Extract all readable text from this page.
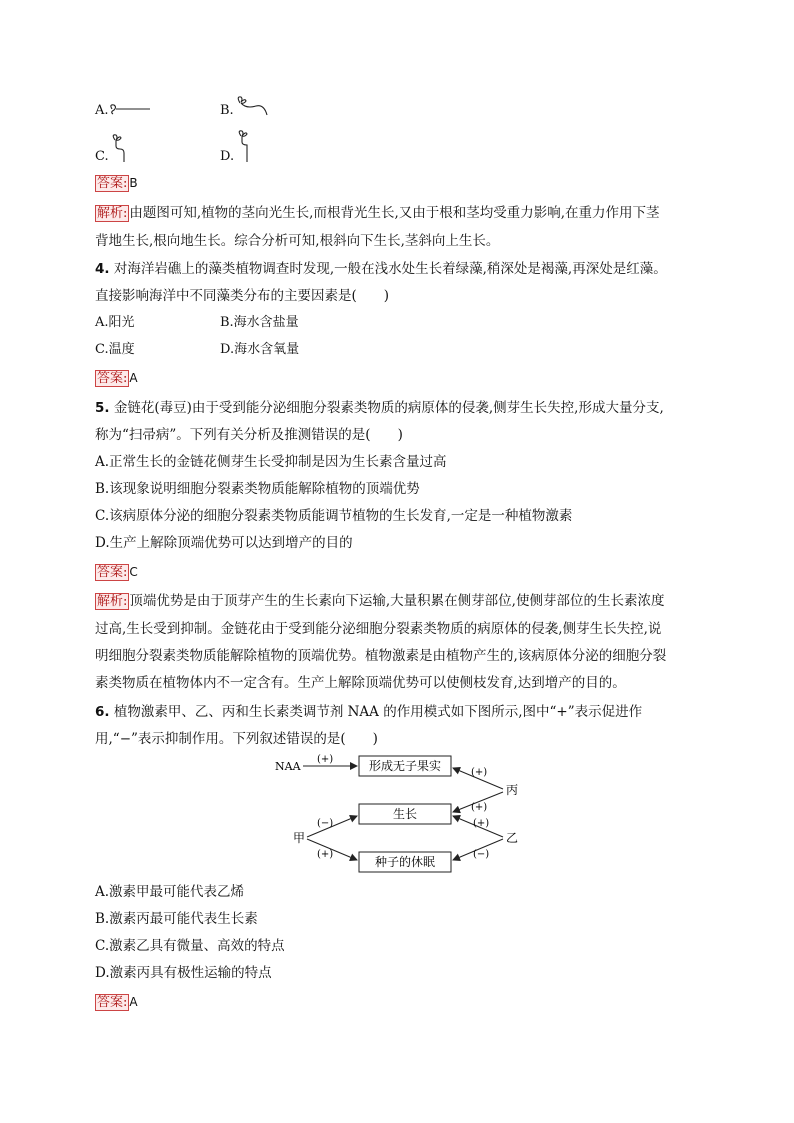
A.	B.
C.	D.
答案: B
解析: 由题图可知,植物的茎向光生长,而根背光生长,又由于根和茎均受重力影响,在重力作用下茎
背地生长,根向地生长。综合分析可知,根斜向下生长,茎斜向上生长。
4. 对海洋岩礁上的藻类植物调查时发现,一般在浅水处生长着绿藻,稍深处是褐藻,再深处是红藻。
直接影响海洋中不同藻类分布的主要因素是(　　)
A.阳光	B.海水含盐量
C.温度	D.海水含氧量
答案: A
5. 金链花(毒豆)由于受到能分泌细胞分裂素类物质的病原体的侵袭,侧芽生长失控,形成大量分支,
称为“扫帚病”。下列有关分析及推测错误的是(　　)
A.正常生长的金链花侧芽生长受抑制是因为生长素含量过高
B.该现象说明细胞分裂素类物质能解除植物的顶端优势
C.该病原体分泌的细胞分裂素类物质能调节植物的生长发育,一定是一种植物激素
D.生产上解除顶端优势可以达到增产的目的
答案: C
解析: 顶端优势是由于顶芽产生的生长素向下运输,大量积累在侧芽部位,使侧芽部位的生长素浓度
过高,生长受到抑制。金链花由于受到能分泌细胞分裂素类物质的病原体的侵袭,侧芽生长失控,说
明细胞分裂素类物质能解除植物的顶端优势。植物激素是由植物产生的,该病原体分泌的细胞分裂
素类物质在植物体内不一定含有。生产上解除顶端优势可以使侧枝发育,达到增产的目的。
6. 植物激素甲、乙、丙和生长素类调节剂 NAA 的作用模式如下图所示,图中“+”表示促进作
用,“−”表示抑制作用。下列叙述错误的是(　　)
形成无子果实
生长
种子的休眠
NAA
甲	乙
丙
(+)
(+)
(+)
(−)
(+)
(+)
(−)
A.激素甲最可能代表乙烯
B.激素丙最可能代表生长素
C.激素乙具有微量、高效的特点
D.激素丙具有极性运输的特点
答案: A
